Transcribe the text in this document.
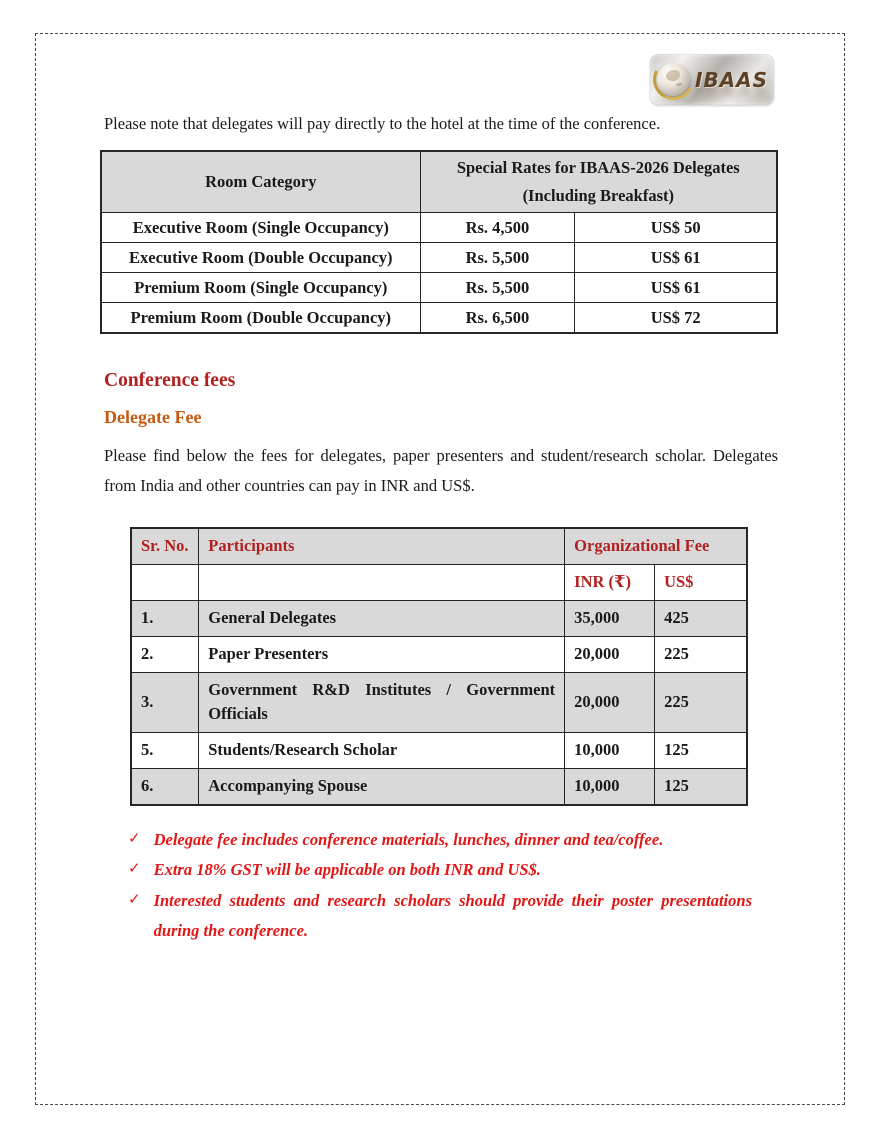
IBAAS

Please note that delegates will pay directly to the hotel at the time of the conference.

Room Category	Special Rates for IBAAS-2026 Delegates
(Including Breakfast)	

Executive Room (Single Occupancy)	Rs. 4,500	US$ 50
Executive Room (Double Occupancy)	Rs. 5,500	US$ 61
Premium Room (Single Occupancy)	Rs. 5,500	US$ 61
Premium Room (Double Occupancy)	Rs. 6,500	US$ 72
Conference fees
Delegate Fee

Please find below the fees for delegates, paper presenters and student/research scholar. Delegates from India and other countries can pay in INR and US$.

Sr. No.	Participants	Organizational Fee	
		INR (₹)	US$
1.	General Delegates	35,000	425
2.	Paper Presenters	20,000	225
3.	Government R&D Institutes / Government Officials	20,000	225
5.	Students/Research Scholar	10,000	125
6.	Accompanying Spouse	10,000	125
✓ Delegate fee includes conference materials, lunches, dinner and tea/coffee.
✓ Extra 18% GST will be applicable on both INR and US$.
✓ Interested students and research scholars should provide their poster presentations during the conference.
